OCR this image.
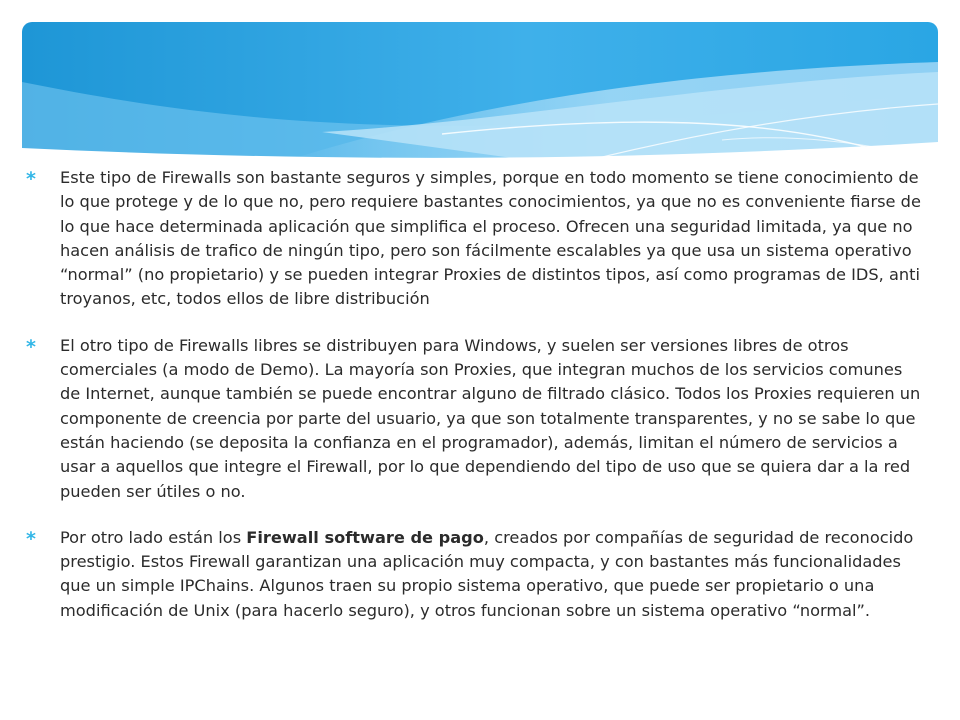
* Este tipo de Firewalls son bastante seguros y simples, porque en todo momento se tiene conocimiento de lo que protege y de lo que no, pero requiere bastantes conocimientos, ya que no es conveniente fiarse de lo que hace determinada aplicación que simplifica el proceso. Ofrecen una seguridad limitada, ya que no hacen análisis de trafico de ningún tipo, pero son fácilmente escalables ya que usa un sistema operativo “normal” (no propietario) y se pueden integrar Proxies de distintos tipos, así como programas de IDS, anti troyanos, etc, todos ellos de libre distribución
* El otro tipo de Firewalls libres se distribuyen para Windows, y suelen ser versiones libres de otros comerciales (a modo de Demo). La mayoría son Proxies, que integran muchos de los servicios comunes de Internet, aunque también se puede encontrar alguno de filtrado clásico. Todos los Proxies requieren un componente de creencia por parte del usuario, ya que son totalmente transparentes, y no se sabe lo que están haciendo (se deposita la confianza en el programador), además, limitan el número de servicios a usar a aquellos que integre el Firewall, por lo que dependiendo del tipo de uso que se quiera dar a la red pueden ser útiles o no.
* Por otro lado están los Firewall software de pago, creados por compañías de seguridad de reconocido prestigio. Estos Firewall garantizan una aplicación muy compacta, y con bastantes más funcionalidades que un simple IPChains. Algunos traen su propio sistema operativo, que puede ser propietario o una modificación de Unix (para hacerlo seguro), y otros funcionan sobre un sistema operativo “normal”.
